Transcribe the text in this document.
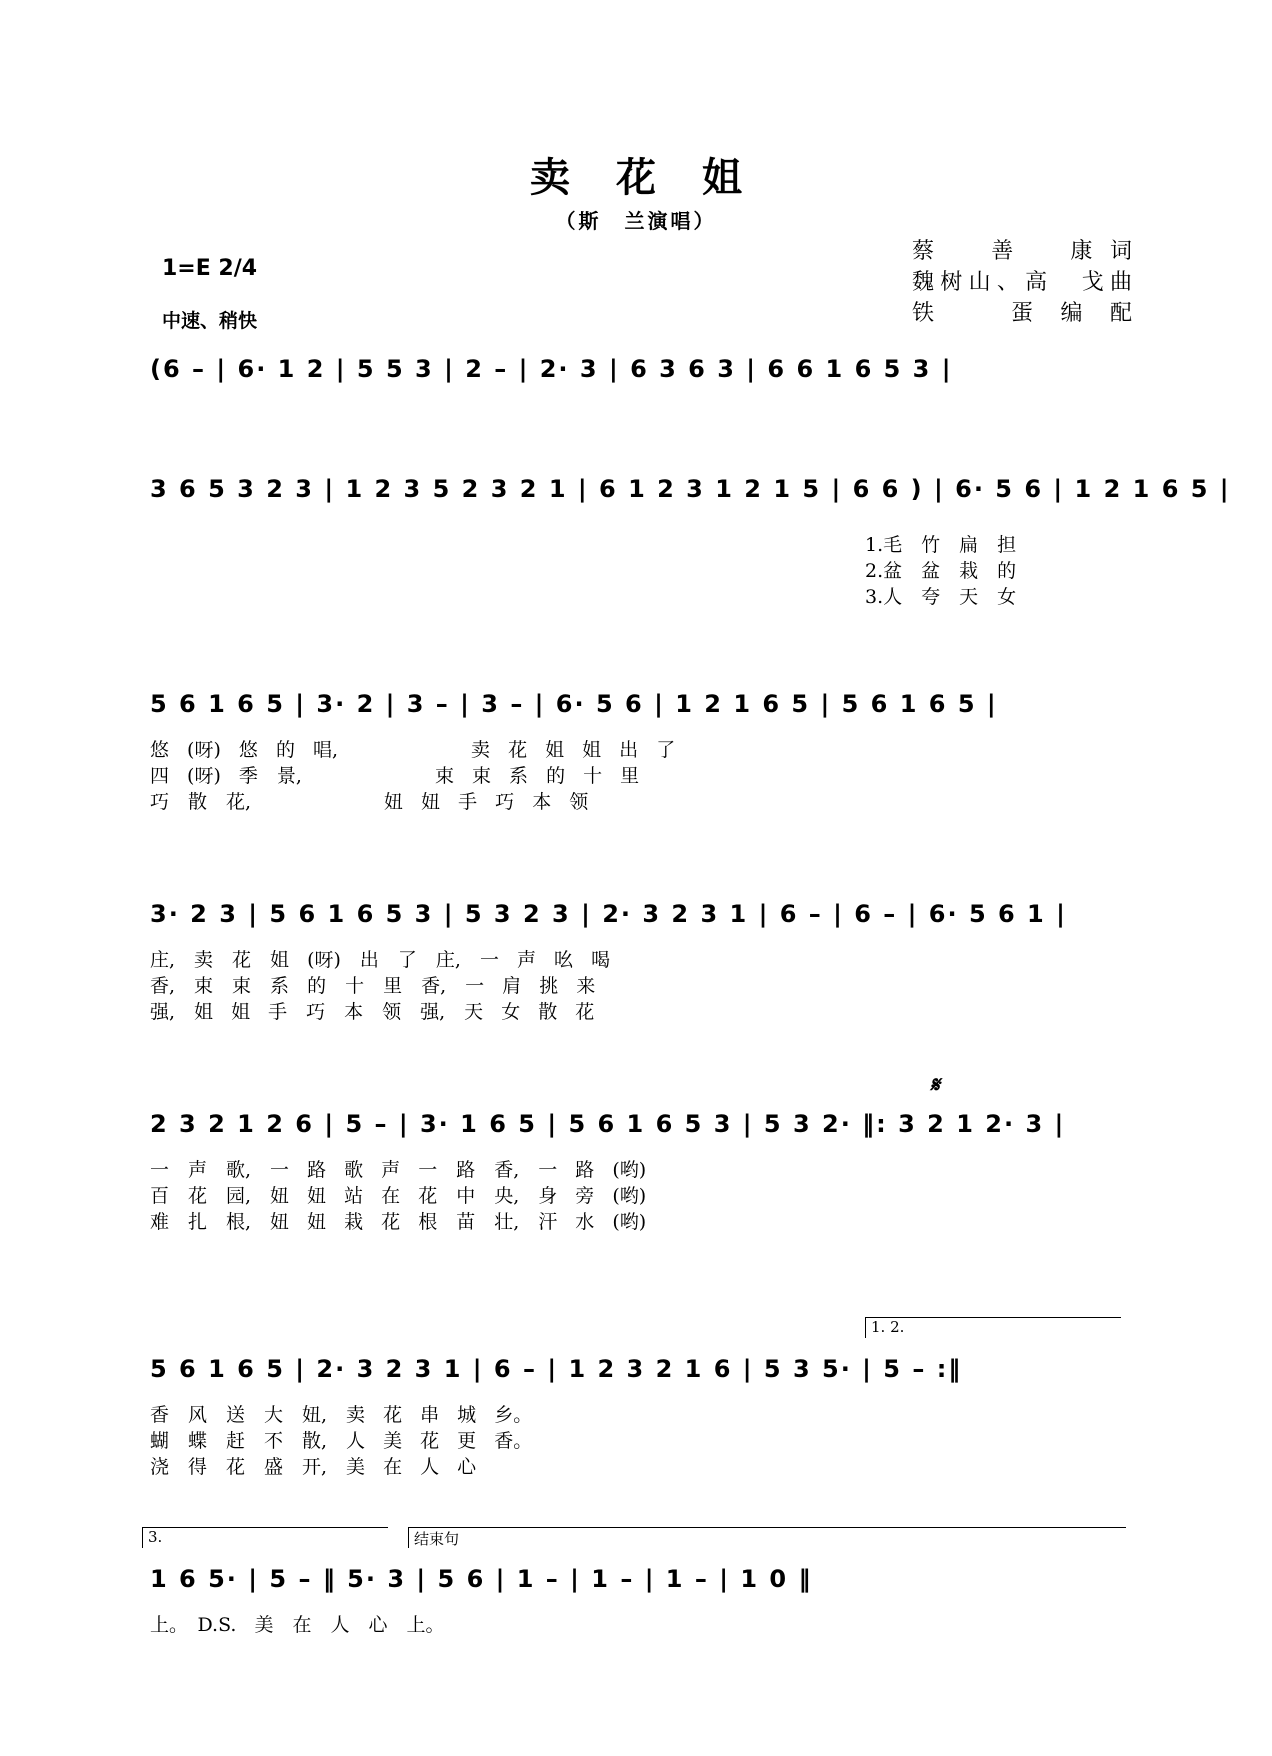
卖花姐
（斯　兰演唱）
1=E 2/4
中速、稍快
蔡　善　康词
魏树山、高　戈曲
铁　蛋编配
(6 – | 6· 1 2 | 5 5 3 | 2 – | 2· 3 | 6 3 6 3 | 6 6 1 6 5 3 |
3 6 5 3 2 3 | 1 2 3 5 2 3 2 1 | 6 1 2 3 1 2 1 5 | 6 6 ) | 6· 5 6 | 1 2 1 6 5 |
1.毛　竹　扁　担
2.盆　盆　栽　的
3.人　夸　天　女
5 6 1 6 5 | 3· 2 | 3 – | 3 – | 6· 5 6 | 1 2 1 6 5 | 5 6 1 6 5 |
悠 (呀) 悠 的 唱,　　　　　　　卖 花 姐 姐 出 了
四 (呀) 季　景,　　　　　　　束 束 系 的 十 里
巧　散　花,　　　　　　　妞 妞 手 巧 本 领
3· 2 3 | 5 6 1 6 5 3 | 5 3 2 3 | 2· 3 2 3 1 | 6 – | 6 – | 6· 5 6 1 |
庄,　卖　花　姐 (呀)　出　了　庄,　一 声 吆 喝
香,　束　束　系 的　十　里　香,　一 肩 挑 来
强,　姐 姐 手　巧　本　领　强,　天 女 散 花
𝄋
2 3 2 1 2 6 | 5 – | 3· 1 6 5 | 5 6 1 6 5 3 | 5 3 2· ‖: 3 2 1 2· 3 |
一　声　歌,　一 路 歌 声 一　路　香,　一 路 (哟)
百　花　园,　妞 妞 站 在 花　中　央,　身 旁 (哟)
难　扎　根,　妞 妞 栽 花 根　苗　壮,　汗 水 (哟)
1. 2.
5 6 1 6 5 | 2· 3 2 3 1 | 6 – | 1 2 3 2 1 6 | 5 3 5· | 5 – :‖
香　风　送　大　妞,　卖 花 串 城 乡。
蝴　蝶　赶　不　散,　人 美 花 更 香。
浇　得　花　盛　开,　美 在 人 心
3.	结束句
1 6 5· | 5 – ‖ 5· 3 | 5 6 | 1 – | 1 – | 1 – | 1 0 ‖
上。　D.S. 美　在　人　心　上。
